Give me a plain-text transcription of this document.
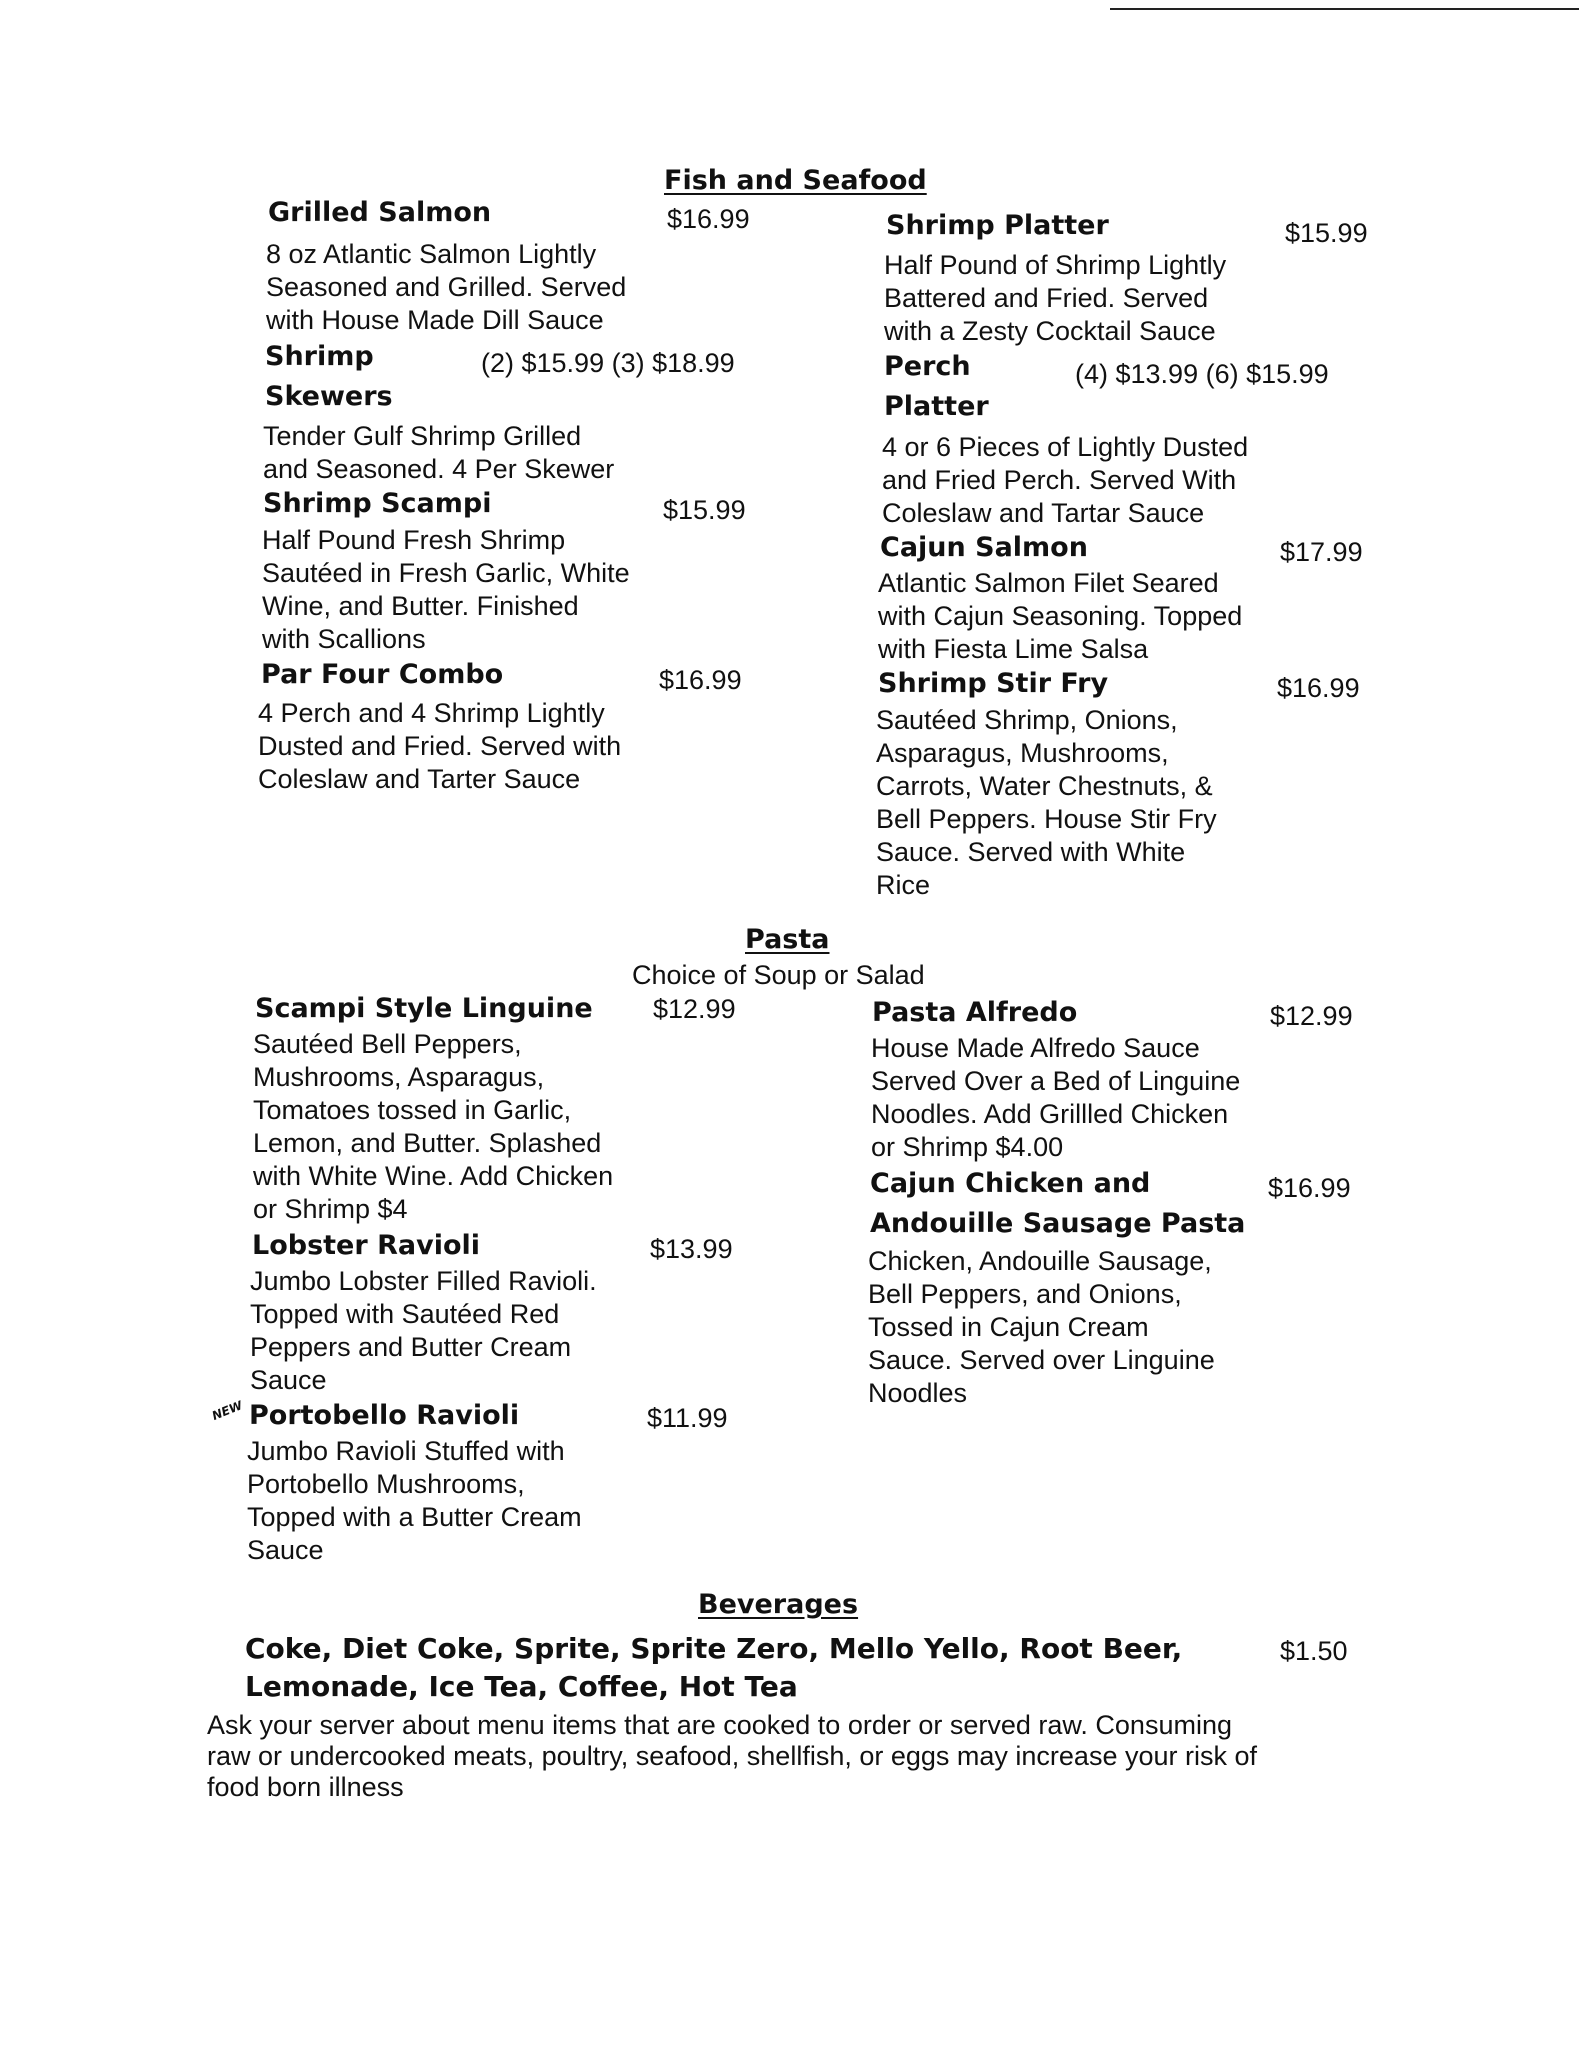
Fish and Seafood
Grilled Salmon	$16.99
8 oz Atlantic Salmon Lightly
Seasoned and Grilled. Served
with House Made Dill Sauce
Shrimp
Skewers
(2) $15.99 (3) $18.99
Tender Gulf Shrimp Grilled
and Seasoned. 4 Per Skewer
Shrimp Scampi	$15.99
Half Pound Fresh Shrimp
Sautéed in Fresh Garlic, White
Wine, and Butter. Finished
with Scallions
Par Four Combo	$16.99
4 Perch and 4 Shrimp Lightly
Dusted and Fried. Served with
Coleslaw and Tarter Sauce
Shrimp Platter	$15.99
Half Pound of Shrimp Lightly
Battered and Fried. Served
with a Zesty Cocktail Sauce
Perch
Platter
(4) $13.99 (6) $15.99
4 or 6 Pieces of Lightly Dusted
and Fried Perch. Served With
Coleslaw and Tartar Sauce
Cajun Salmon	$17.99
Atlantic Salmon Filet Seared
with Cajun Seasoning. Topped
with Fiesta Lime Salsa
Shrimp Stir Fry	$16.99
Sautéed Shrimp, Onions,
Asparagus, Mushrooms,
Carrots, Water Chestnuts, &
Bell Peppers. House Stir Fry
Sauce. Served with White
Rice
Pasta
Choice of Soup or Salad
Scampi Style Linguine $12.99
Sautéed Bell Peppers,
Mushrooms, Asparagus,
Tomatoes tossed in Garlic,
Lemon, and Butter. Splashed
with White Wine. Add Chicken
or Shrimp $4
Lobster Ravioli	$13.99
Jumbo Lobster Filled Ravioli.
Topped with Sautéed Red
Peppers and Butter Cream
Sauce
NEW Portobello Ravioli	$11.99
Jumbo Ravioli Stuffed with
Portobello Mushrooms,
Topped with a Butter Cream
Sauce
Pasta Alfredo	$12.99
House Made Alfredo Sauce
Served Over a Bed of Linguine
Noodles. Add Grillled Chicken
or Shrimp $4.00
Cajun Chicken and
Andouille Sausage Pasta
$16.99
Chicken, Andouille Sausage,
Bell Peppers, and Onions,
Tossed in Cajun Cream
Sauce. Served over Linguine
Noodles
Beverages
Coke, Diet Coke, Sprite, Sprite Zero, Mello Yello, Root Beer,
Lemonade, Ice Tea, Coffee, Hot Tea
$1.50
Ask your server about menu items that are cooked to order or served raw. Consuming
raw or undercooked meats, poultry, seafood, shellfish, or eggs may increase your risk of
food born illness
